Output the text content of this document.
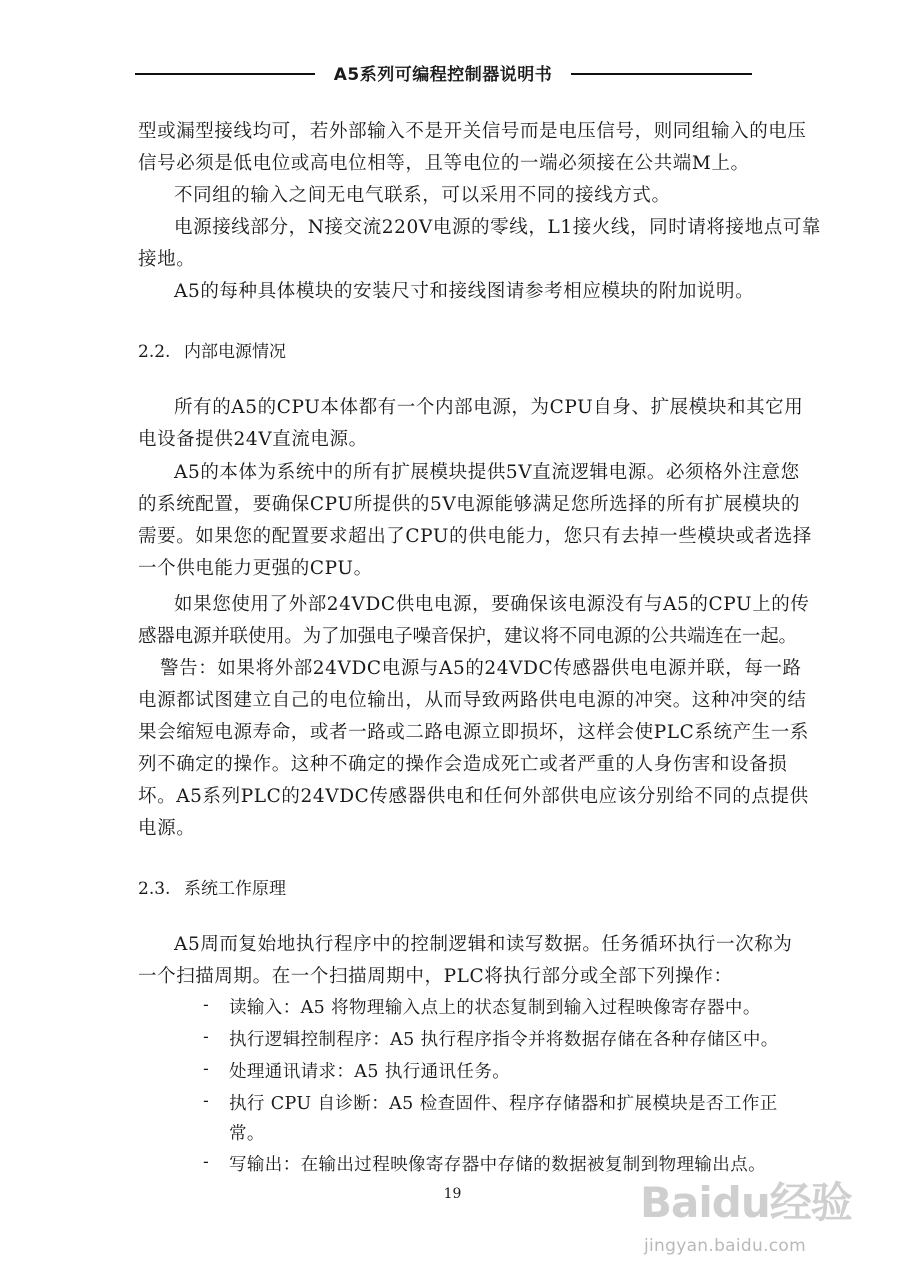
A5系列可编程控制器说明书
型或漏型接线均可，若外部输入不是开关信号而是电压信号，则同组输入的电压
信号必须是低电位或高电位相等，且等电位的一端必须接在公共端M上。
不同组的输入之间无电气联系，可以采用不同的接线方式。
电源接线部分，N接交流220V电源的零线，L1接火线，同时请将接地点可靠
接地。
A5的每种具体模块的安装尺寸和接线图请参考相应模块的附加说明。
2.2. 内部电源情况
所有的A5的CPU本体都有一个内部电源，为CPU自身、扩展模块和其它用
电设备提供24V直流电源。
A5的本体为系统中的所有扩展模块提供5V直流逻辑电源。必须格外注意您
的系统配置，要确保CPU所提供的5V电源能够满足您所选择的所有扩展模块的
需要。如果您的配置要求超出了CPU的供电能力，您只有去掉一些模块或者选择
一个供电能力更强的CPU。
如果您使用了外部24VDC供电电源，要确保该电源没有与A5的CPU上的传
感器电源并联使用。为了加强电子噪音保护，建议将不同电源的公共端连在一起。
警告：如果将外部24VDC电源与A5的24VDC传感器供电电源并联，每一路
电源都试图建立自己的电位输出，从而导致两路供电电源的冲突。这种冲突的结
果会缩短电源寿命，或者一路或二路电源立即损坏，这样会使PLC系统产生一系
列不确定的操作。这种不确定的操作会造成死亡或者严重的人身伤害和设备损
坏。A5系列PLC的24VDC传感器供电和任何外部供电应该分别给不同的点提供
电源。
2.3. 系统工作原理
A5周而复始地执行程序中的控制逻辑和读写数据。任务循环执行一次称为
一个扫描周期。在一个扫描周期中，PLC将执行部分或全部下列操作：
- 读输入：A5 将物理输入点上的状态复制到输入过程映像寄存器中。
- 执行逻辑控制程序：A5 执行程序指令并将数据存储在各种存储区中。
- 处理通讯请求：A5 执行通讯任务。
- 执行 CPU 自诊断：A5 检查固件、程序存储器和扩展模块是否工作正
常。
- 写输出：在输出过程映像寄存器中存储的数据被复制到物理输出点。
19	Baidu经验
jingyan.baidu.com
